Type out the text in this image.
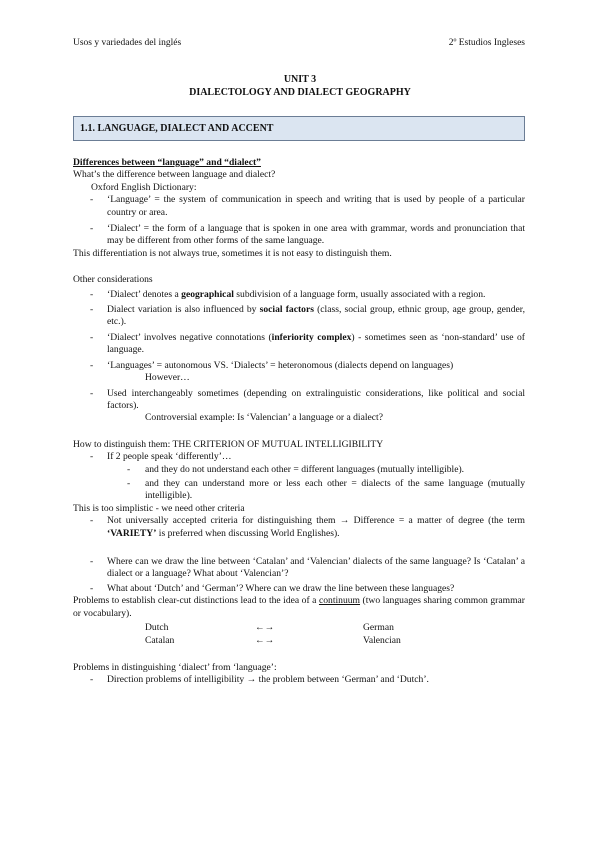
Usos y variedades del inglés	2º Estudios Ingleses
UNIT 3
DIALECTOLOGY AND DIALECT GEOGRAPHY
1.1. LANGUAGE, DIALECT AND ACCENT

Differences between “language” and “dialect”

What’s the difference between language and dialect?

Oxford English Dictionary:

- ‘Language’ = the system of communication in speech and writing that is used by people of a particular country or area.
- ‘Dialect’ = the form of a language that is spoken in one area with grammar, words and pronunciation that may be different from other forms of the same language.

This differentiation is not always true, sometimes it is not easy to distinguish them.

Other considerations

- ‘Dialect’ denotes a geographical subdivision of a language form, usually associated with a region.
- Dialect variation is also influenced by social factors (class, social group, ethnic group, age group, gender, etc.).
- ‘Dialect’ involves negative connotations (inferiority complex) - sometimes seen as ‘non-standard’ use of language.
- ‘Languages’ = autonomous VS. ‘Dialects’ = heteronomous (dialects depend on languages)

However…

- Used interchangeably sometimes (depending on extralinguistic considerations, like political and social factors).

Controversial example: Is ‘Valencian’ a language or a dialect?

How to distinguish them: THE CRITERION OF MUTUAL INTELLIGIBILITY

- If 2 people speak ‘differently’…
- and they do not understand each other = different languages (mutually intelligible).
- and they can understand more or less each other = dialects of the same language (mutually intelligible).

This is too simplistic - we need other criteria

- Not universally accepted criteria for distinguishing them → Difference = a matter of degree (the term ‘VARIETY’ is preferred when discussing World Englishes).
- Where can we draw the line between ‘Catalan’ and ‘Valencian’ dialects of the same language? Is ‘Catalan’ a dialect or a language? What about ‘Valencian’?
- What about ‘Dutch’ and ‘German’? Where can we draw the line between these languages?

Problems to establish clear-cut distinctions lead to the idea of a continuum (two languages sharing common grammar or vocabulary).

Dutch	←→	German
Catalan	←→	Valencian

Problems in distinguishing ‘dialect’ from ‘language’:

- Direction problems of intelligibility → the problem between ‘German’ and ‘Dutch’.
